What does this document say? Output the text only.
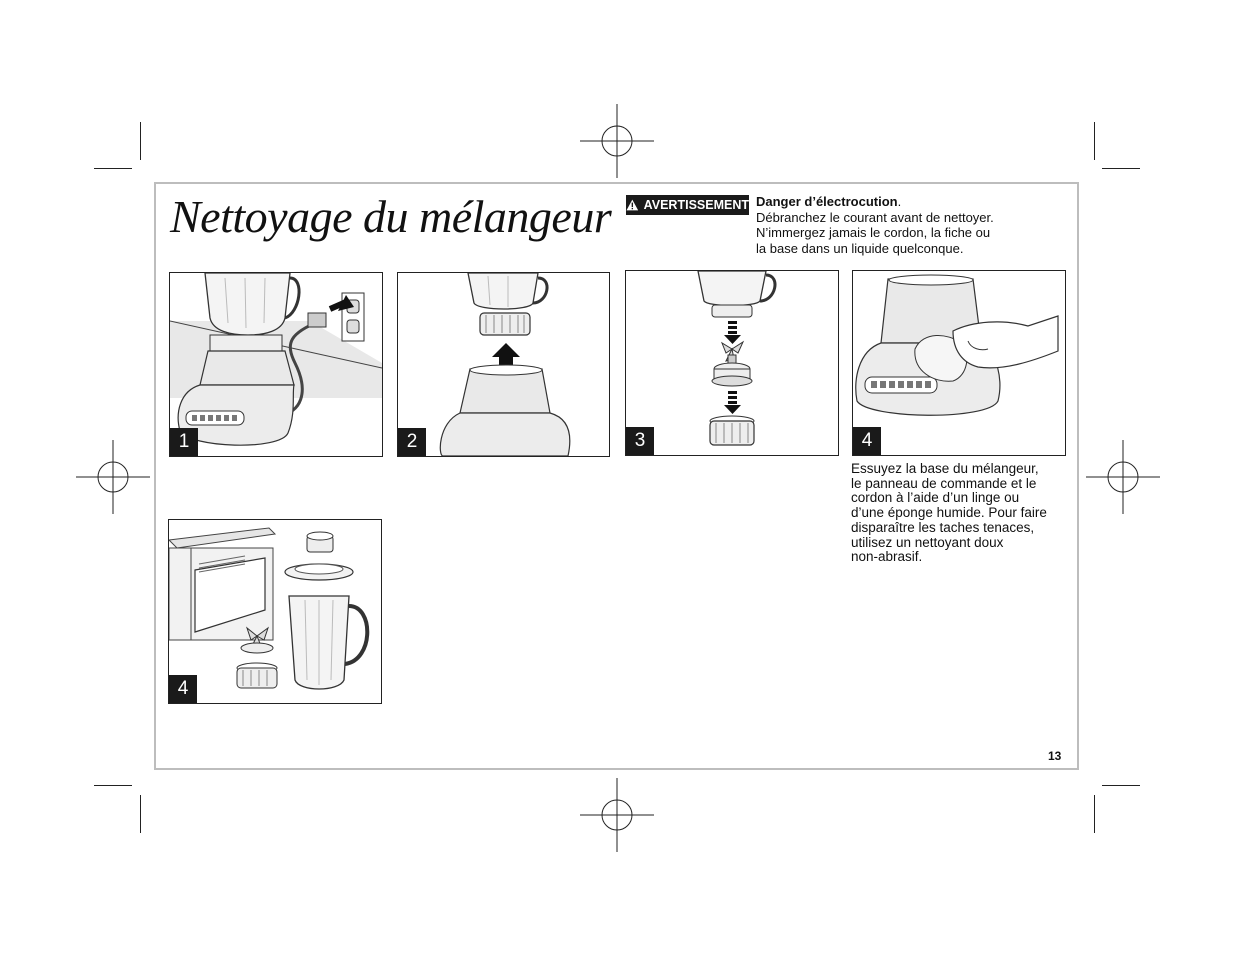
Nettoyage du mélangeur	AVERTISSEMENT Danger d’électrocution.
Débranchez le courant avant de nettoyer.
N’immergez jamais le cordon, la fiche ou
la base dans un liquide quelconque.
1	2	3	4
4
Essuyez la base du mélangeur,
le panneau de commande et le
cordon à l’aide d’un linge ou
d’une éponge humide. Pour faire
disparaître les taches tenaces,
utilisez un nettoyant doux
non-abrasif.
13
